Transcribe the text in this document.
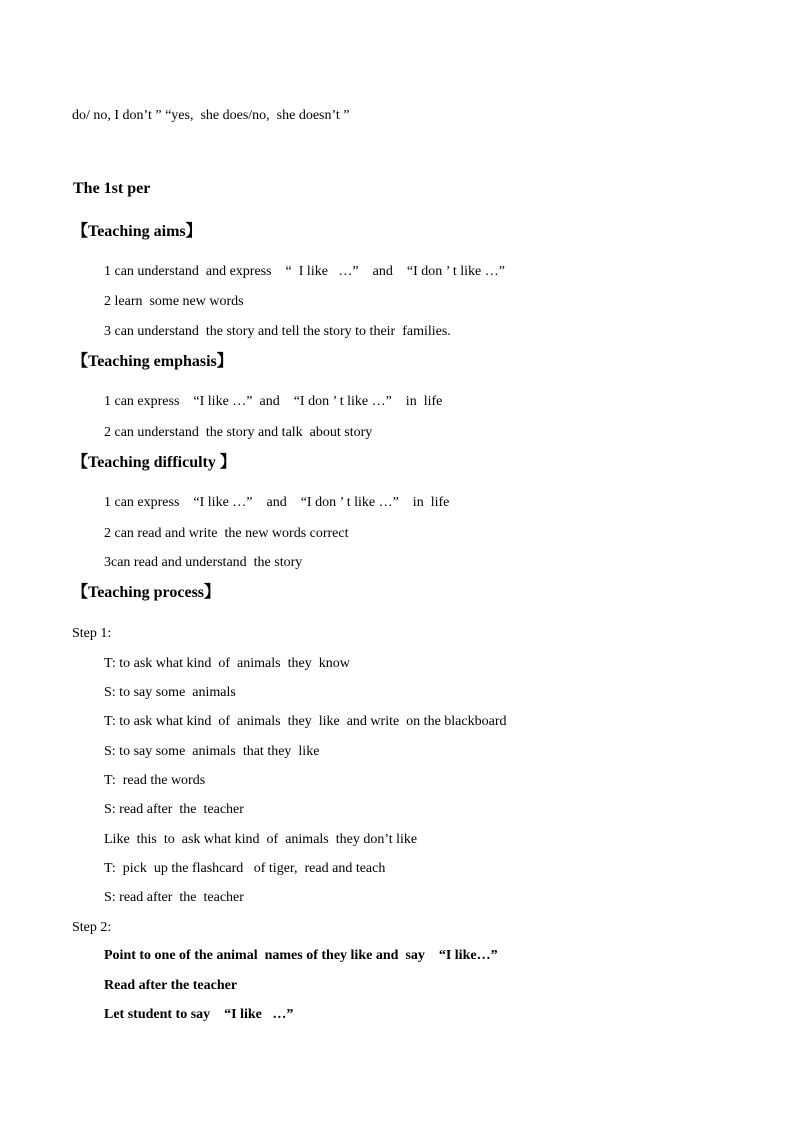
do/ no, I don’t ” “yes,  she does/no,  she doesn’t ”
The 1st per
【Teaching aims】
1 can understand  and express    “  I like   …”    and    “I don ’ t like …”
2 learn  some new words
3 can understand  the story and tell the story to their  families.
【Teaching emphasis】
1 can express    “I like …”  and    “I don ’ t like …”    in  life
2 can understand  the story and talk  about story
【Teaching difficulty 】
1 can express    “I like …”    and    “I don ’ t like …”    in  life
2 can read and write  the new words correct
3can read and understand  the story
【Teaching process】
Step 1:
T: to ask what kind  of  animals  they  know
S: to say some  animals
T: to ask what kind  of  animals  they  like  and write  on the blackboard
S: to say some  animals  that they  like
T:  read the words
S: read after  the  teacher
Like  this  to  ask what kind  of  animals  they don’t like
T:  pick  up the flashcard   of tiger,  read and teach
S: read after  the  teacher
Step 2:
Point to one of the animal  names of they like and  say    “I like…”
Read after the teacher
Let student to say    “I like   …”
